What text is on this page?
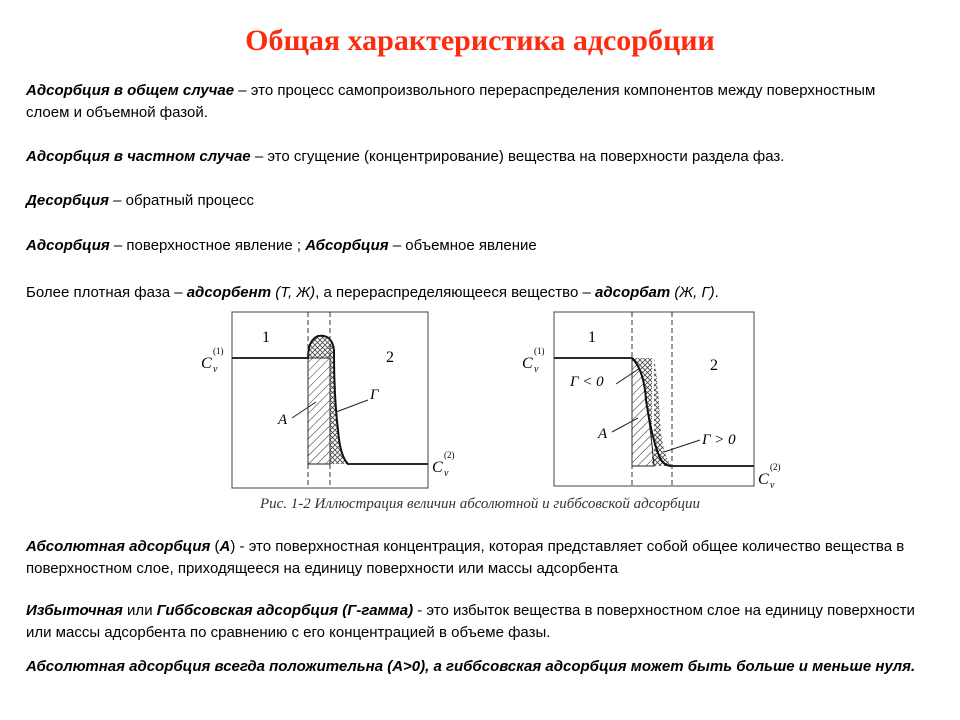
Общая характеристика адсорбции
Адсорбция в общем случае – это процесс самопроизвольного перераспределения компонентов между поверхностным слоем и объемной фазой.
Адсорбция в частном случае – это сгущение (концентрирование) вещества на поверхности раздела фаз.
Десорбция – обратный процесс
Адсорбция – поверхностное явление ; Абсорбция – объемное явление
Более плотная фаза – адсорбент (Т, Ж), а перераспределяющееся вещество – адсорбат (Ж, Г).
1
2
А
Г
C v
(1)
C v
(2)
1
2
А
Г < 0
Г > 0
C v
(1)
C v
(2)
Рис. 1-2 Иллюстрация величин абсолютной и гиббсовской адсорбции
Абсолютная адсорбция (А) - это поверхностная концентрация, которая представляет собой общее количество вещества в поверхностном слое, приходящееся на единицу поверхности или массы адсорбента
Избыточная или Гиббсовская адсорбция (Г-гамма) - это избыток вещества в поверхностном слое на единицу поверхности или массы адсорбента по сравнению с его концентрацией в объеме фазы.
Абсолютная адсорбция всегда положительна (A>0), а гиббсовская адсорбция может быть больше и меньше нуля.
